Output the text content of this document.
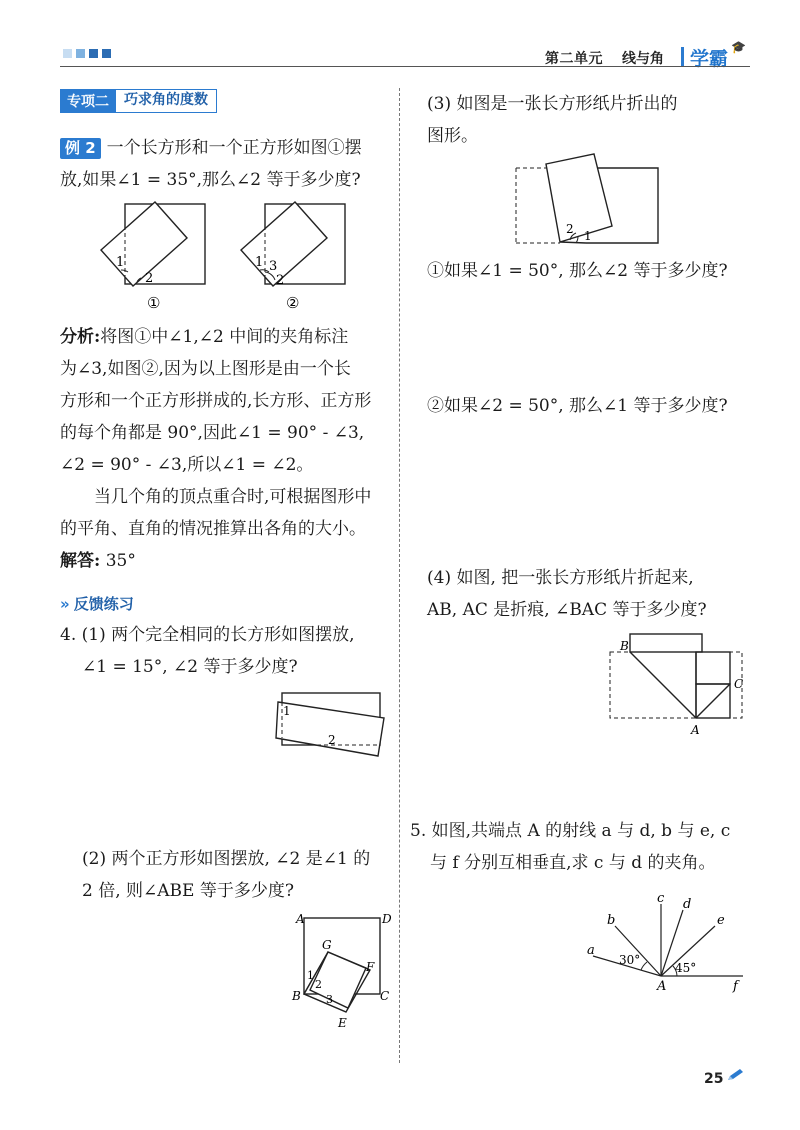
第二单元 线与角 学霸
🎓
专项二	巧求角的度数
例 2 一个长方形和一个正方形如图①摆
放,如果∠1 = 35°,那么∠2 等于多少度?
1
2
①
1 3
2
②
分析:将图①中∠1,∠2 中间的夹角标注
为∠3,如图②,因为以上图形是由一个长
方形和一个正方形拼成的,长方形、正方形
的每个角都是 90°,因此∠1 = 90° - ∠3,
∠2 = 90° - ∠3,所以∠1 = ∠2。
当几个角的顶点重合时,可根据图形中
的平角、直角的情况推算出各角的大小。
解答: 35°
» 反馈练习
4. (1) 两个完全相同的长方形如图摆放,
∠1 = 15°, ∠2 等于多少度?
1
2
(2) 两个正方形如图摆放, ∠2 是∠1 的
2 倍, 则∠ABE 等于多少度?
A	D
G
F
B	C
E
1
2
3
(3) 如图是一张长方形纸片折出的
图形。
2 1
①如果∠1 = 50°, 那么∠2 等于多少度?
②如果∠2 = 50°, 那么∠1 等于多少度?
(4) 如图, 把一张长方形纸片折起来,
AB, AC 是折痕, ∠BAC 等于多少度?
B
C
A
5. 如图,共端点 A 的射线 a 与 d, b 与 e, c
与 f 分别互相垂直,求 c 与 d 的夹角。
a
b
c d
e
f
A
30°
45°
25
